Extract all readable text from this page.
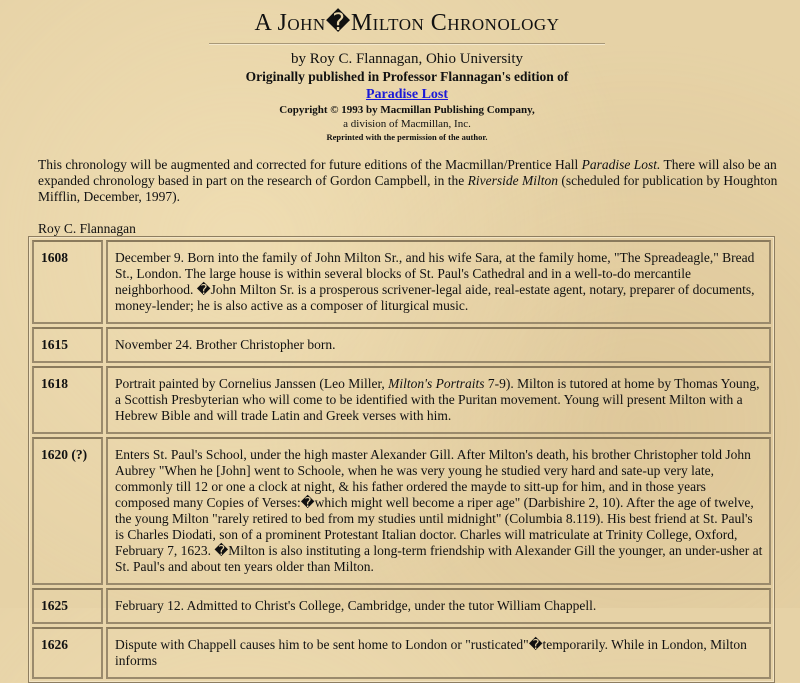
A John�Milton Chronology
by Roy C. Flannagan, Ohio University
Originally published in Professor Flannagan's edition of
Paradise Lost
Copyright © 1993 by Macmillan Publishing Company,
a division of Macmillan, Inc.
Reprinted with the permission of the author.

This chronology will be augmented and corrected for future editions of the Macmillan/Prentice Hall Paradise Lost. There will also be an expanded chronology based in part on the research of Gordon Campbell, in the Riverside Milton (scheduled for publication by Houghton Mifflin, December, 1997).

Roy C. Flannagan

1608	December 9. Born into the family of John Milton Sr., and his wife Sara, at the family home, "The Spreadeagle," Bread St., London. The large house is within several blocks of St. Paul's Cathedral and in a well-to-do mercantile neighborhood. �John Milton Sr. is a prosperous scrivener-legal aide, real-estate agent, notary, preparer of documents, money-lender; he is also active as a composer of liturgical music.
1615	November 24. Brother Christopher born.
1618	Portrait painted by Cornelius Janssen (Leo Miller, Milton's Portraits 7-9). Milton is tutored at home by Thomas Young, a Scottish Presbyterian who will come to be identified with the Puritan movement. Young will present Milton with a Hebrew Bible and will trade Latin and Greek verses with him.
1620 (?)	Enters St. Paul's School, under the high master Alexander Gill. After Milton's death, his brother Christopher told John Aubrey "When he [John] went to Schoole, when he was very young he studied very hard and sate-up very late, commonly till 12 or one a clock at night, & his father ordered the mayde to sitt-up for him, and in those years composed many Copies of Verses:�which might well become a riper age" (Darbishire 2, 10). After the age of twelve, the young Milton "rarely retired to bed from my studies until midnight" (Columbia 8.119). His best friend at St. Paul's is Charles Diodati, son of a prominent Protestant Italian doctor. Charles will matriculate at Trinity College, Oxford, February 7, 1623. �Milton is also instituting a long-term friendship with Alexander Gill the younger, an under-usher at St. Paul's and about ten years older than Milton.
1625	February 12. Admitted to Christ's College, Cambridge, under the tutor William Chappell.
1626	Dispute with Chappell causes him to be sent home to London or "rusticated"�temporarily. While in London, Milton informs
